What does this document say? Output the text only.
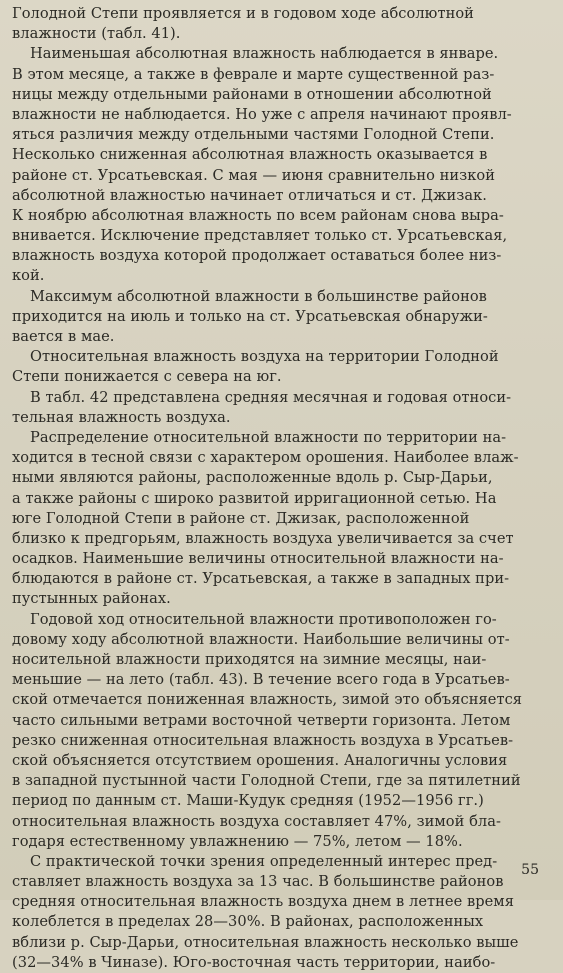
Голодной Степи проявляется и в годовом ходе абсолютной
влажности (табл. 41).
Наименьшая абсолютная влажность наблюдается в январе.
В этом месяце, а также в феврале и марте существенной раз-
ницы между отдельными районами в отношении абсолютной
влажности не наблюдается. Но уже с апреля начинают проявл-
яться различия между отдельными частями Голодной Степи.
Несколько сниженная абсолютная влажность оказывается в
районе ст. Урсатьевская. С мая — июня сравнительно низкой
абсолютной влажностью начинает отличаться и ст. Джизак.
К ноябрю абсолютная влажность по всем районам снова выра-
внивается. Исключение представляет только ст. Урсатьевская,
влажность воздуха которой продолжает оставаться более низ-
кой.
Максимум абсолютной влажности в большинстве районов
приходится на июль и только на ст. Урсатьевская обнаружи-
вается в мае.
Относительная влажность воздуха на территории Голодной
Степи понижается с севера на юг.
В табл. 42 представлена средняя месячная и годовая относи-
тельная влажность воздуха.
Распределение относительной влажности по территории на-
ходится в тесной связи с характером орошения. Наиболее влаж-
ными являются районы, расположенные вдоль р. Сыр-Дарьи,
а также районы с широко развитой ирригационной сетью. На
юге Голодной Степи в районе ст. Джизак, расположенной
близко к предгорьям, влажность воздуха увеличивается за счет
осадков. Наименьшие величины относительной влажности на-
блюдаются в районе ст. Урсатьевская, а также в западных при-
пустынных районах.
Годовой ход относительной влажности противоположен го-
довому ходу абсолютной влажности. Наибольшие величины от-
носительной влажности приходятся на зимние месяцы, наи-
меньшие — на лето (табл. 43). В течение всего года в Урсатьев-
ской отмечается пониженная влажность, зимой это объясняется
часто сильными ветрами восточной четверти горизонта. Летом
резко сниженная относительная влажность воздуха в Урсатьев-
ской объясняется отсутствием орошения. Аналогичны условия
в западной пустынной части Голодной Степи, где за пятилетний
период по данным ст. Маши-Кудук средняя (1952—1956 гг.)
относительная влажность воздуха составляет 47%, зимой бла-
годаря естественному увлажнению — 75%, летом — 18%.
С практической точки зрения определенный интерес пред-
ставляет влажность воздуха за 13 час. В большинстве районов
средняя относительная влажность воздуха днем в летнее время
колеблется в пределах 28—30%. В районах, расположенных
вблизи р. Сыр-Дарьи, относительная влажность несколько выше
(32—34% в Чиназе). Юго-восточная часть территории, наибо-
55
